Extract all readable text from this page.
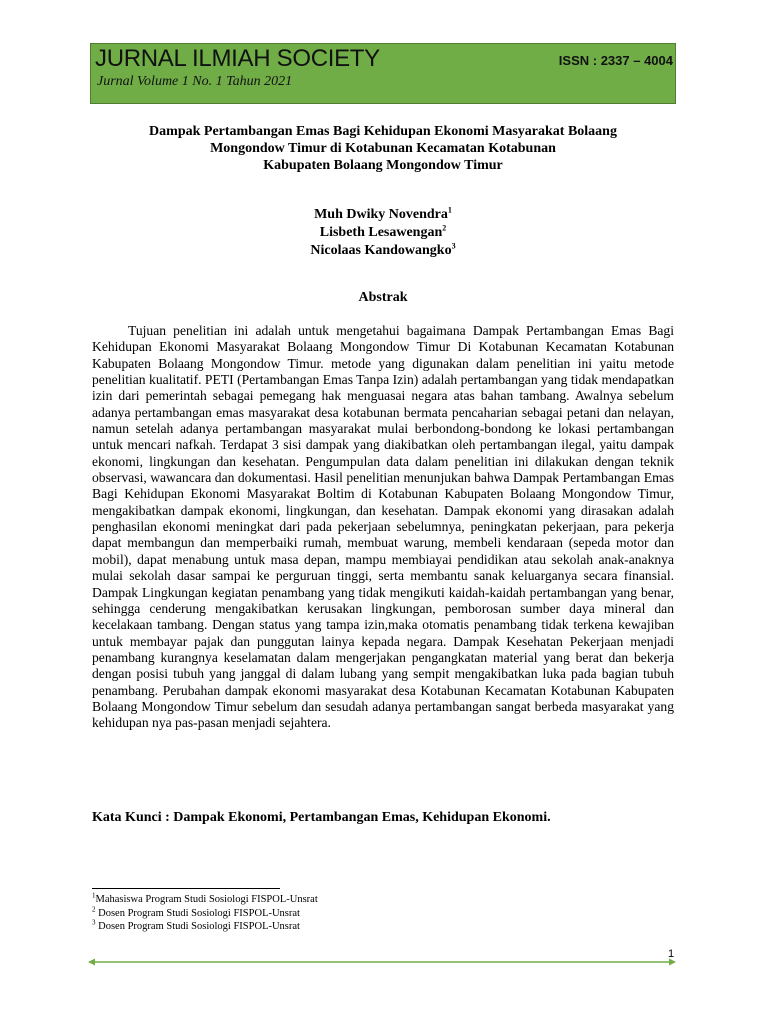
JURNAL ILMIAH SOCIETY	ISSN : 2337 – 4004
Jurnal Volume 1 No. 1 Tahun 2021
Dampak Pertambangan Emas Bagi Kehidupan Ekonomi Masyarakat Bolaang
Mongondow Timur di Kotabunan Kecamatan Kotabunan
Kabupaten Bolaang Mongondow Timur
Muh Dwiky Novendra$^1$
Lisbeth Lesawengan$^2$
Nicolaas Kandowangko$^3$
Abstrak

Tujuan penelitian ini adalah untuk mengetahui bagaimana Dampak Pertambangan Emas Bagi Kehidupan Ekonomi Masyarakat Bolaang Mongondow Timur Di Kotabunan Kecamatan Kotabunan Kabupaten Bolaang Mongondow Timur. metode yang digunakan dalam penelitian ini yaitu metode penelitian kualitatif. PETI (Pertambangan Emas Tanpa Izin) adalah pertambangan yang tidak mendapatkan izin dari pemerintah sebagai pemegang hak menguasai negara atas bahan tambang. Awalnya sebelum adanya pertambangan emas masyarakat desa kotabunan bermata pencaharian sebagai petani dan nelayan, namun setelah adanya pertambangan masyarakat mulai berbondong-bondong ke lokasi pertambangan untuk mencari nafkah. Terdapat 3 sisi dampak yang diakibatkan oleh pertambangan ilegal, yaitu dampak ekonomi, lingkungan dan kesehatan. Pengumpulan data dalam penelitian ini dilakukan dengan teknik observasi, wawancara dan dokumentasi. Hasil penelitian menunjukan bahwa Dampak Pertambangan Emas Bagi Kehidupan Ekonomi Masyarakat Boltim di Kotabunan Kabupaten Bolaang Mongondow Timur, mengakibatkan dampak ekonomi, lingkungan, dan kesehatan. Dampak ekonomi yang dirasakan adalah penghasilan ekonomi meningkat dari pada pekerjaan sebelumnya, peningkatan pekerjaan, para pekerja dapat membangun dan memperbaiki rumah, membuat warung, membeli kendaraan (sepeda motor dan mobil), dapat menabung untuk masa depan, mampu membiayai pendidikan atau sekolah anak-anaknya mulai sekolah dasar sampai ke perguruan tinggi, serta membantu sanak keluarganya secara finansial. Dampak Lingkungan kegiatan penambang yang tidak mengikuti kaidah-kaidah pertambangan yang benar, sehingga cenderung mengakibatkan kerusakan lingkungan, pemborosan sumber daya mineral dan kecelakaan tambang. Dengan status yang tampa izin,maka otomatis penambang tidak terkena kewajiban untuk membayar pajak dan punggutan lainya kepada negara. Dampak Kesehatan Pekerjaan menjadi penambang kurangnya keselamatan dalam mengerjakan pengangkatan material yang berat dan bekerja dengan posisi tubuh yang janggal di dalam lubang yang sempit mengakibatkan luka pada bagian tubuh penambang. Perubahan dampak ekonomi masyarakat desa Kotabunan Kecamatan Kotabunan Kabupaten Bolaang Mongondow Timur sebelum dan sesudah adanya pertambangan sangat berbeda masyarakat yang kehidupan nya pas-pasan menjadi sejahtera.

Kata Kunci : Dampak Ekonomi, Pertambangan Emas, Kehidupan Ekonomi.
$^1$Mahasiswa Program Studi Sosiologi FISPOL-Unsrat
$^2$ Dosen Program Studi Sosiologi FISPOL-Unsrat
$^3$ Dosen Program Studi Sosiologi FISPOL-Unsrat
1
